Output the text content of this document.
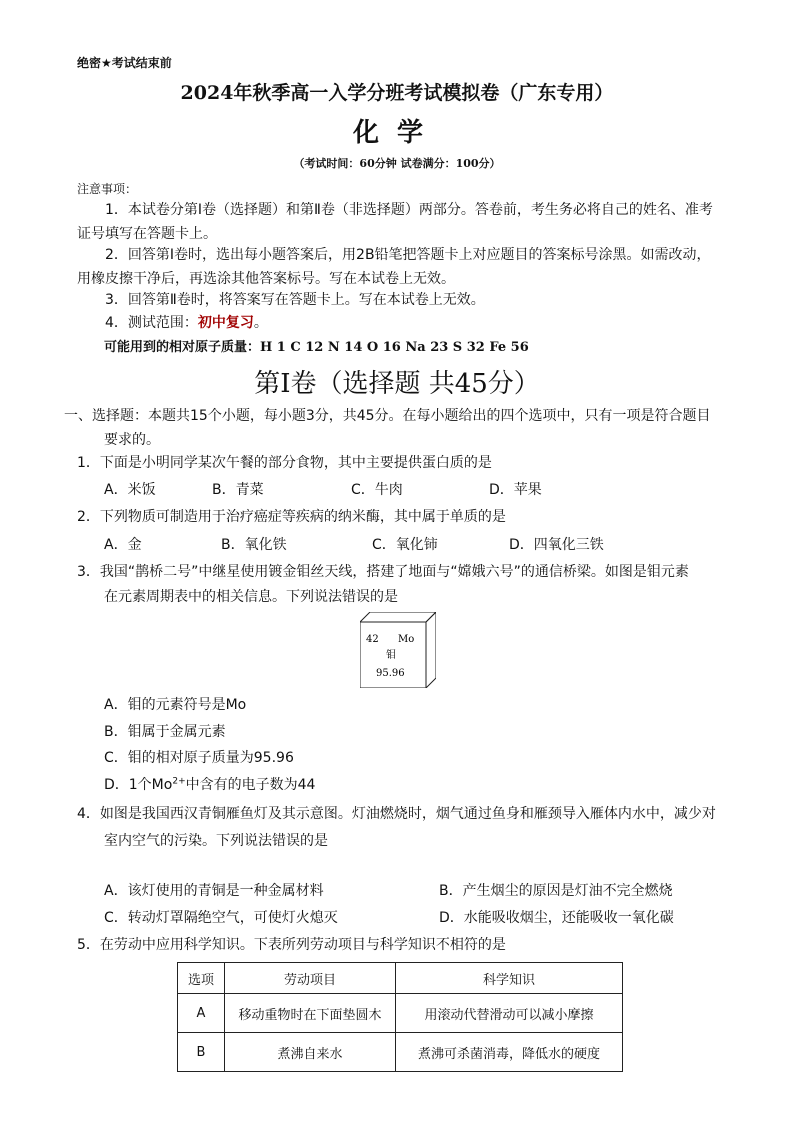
绝密★考试结束前
2024年秋季高一入学分班考试模拟卷（广东专用）
化学
（考试时间：60分钟 试卷满分：100分）
注意事项：
1．本试卷分第Ⅰ卷（选择题）和第Ⅱ卷（非选择题）两部分。答卷前，考生务必将自己的姓名、准考证号填写在答题卡上。
2．回答第Ⅰ卷时，选出每小题答案后，用2B铅笔把答题卡上对应题目的答案标号涂黑。如需改动，用橡皮擦干净后，再选涂其他答案标号。写在本试卷上无效。
3．回答第Ⅱ卷时，将答案写在答题卡上。写在本试卷上无效。
4．测试范围：初中复习。
可能用到的相对原子质量：H 1 C 12 N 14 O 16 Na 23 S 32 Fe 56
第Ⅰ卷（选择题 共45分）
一、选择题：本题共15个小题，每小题3分，共45分。在每小题给出的四个选项中，只有一项是符合题目
要求的。
1．下面是小明同学某次午餐的部分食物，其中主要提供蛋白质的是
A．米饭	B．青菜	C．牛肉	D．苹果
2．下列物质可制造用于治疗癌症等疾病的纳米酶，其中属于单质的是
A．金	B．氧化铁	C．氧化铈	D．四氧化三铁
3．我国“鹊桥二号”中继星使用镀金钼丝天线，搭建了地面与“嫦娥六号”的通信桥梁。如图是钼元素
在元素周期表中的相关信息。下列说法错误的是
42 Mo
钼
95.96
A．钼的元素符号是Mo
B．钼属于金属元素
C．钼的相对原子质量为95.96
D．1个$Mo^{2+}$中含有的电子数为44
4．如图是我国西汉青铜雁鱼灯及其示意图。灯油燃烧时，烟气通过鱼身和雁颈导入雁体内水中，减少对
室内空气的污染。下列说法错误的是
A．该灯使用的青铜是一种金属材料	B．产生烟尘的原因是灯油不完全燃烧
C．转动灯罩隔绝空气，可使灯火熄灭	D．水能吸收烟尘，还能吸收一氧化碳
5．在劳动中应用科学知识。下表所列劳动项目与科学知识不相符的是
选项	劳动项目	科学知识
A	移动重物时在下面垫圆木	用滚动代替滑动可以减小摩擦
B	煮沸自来水	煮沸可杀菌消毒，降低水的硬度
